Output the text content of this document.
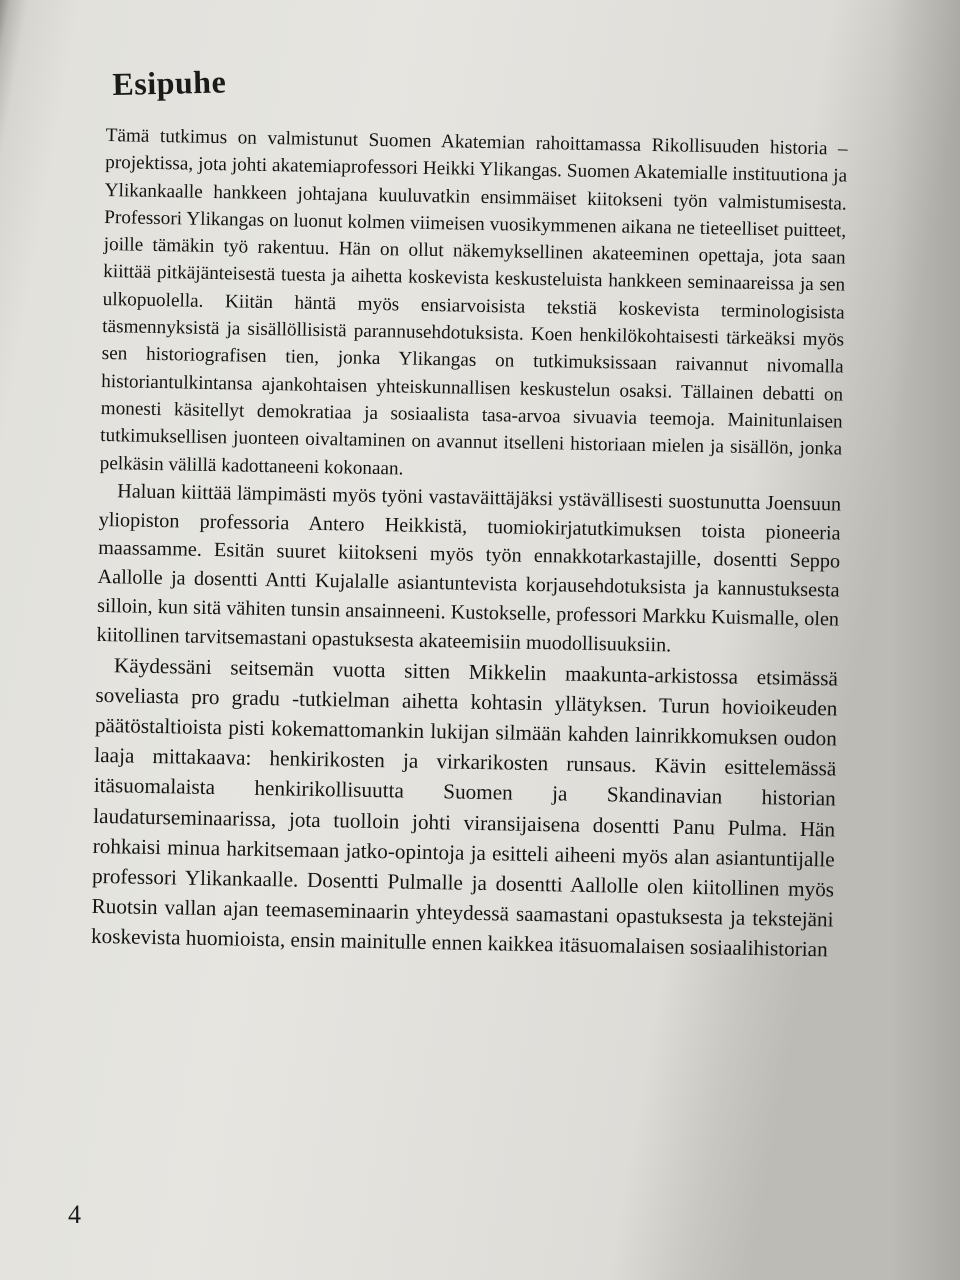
Esipuhe

Tämä tutkimus on valmistunut Suomen Akatemian rahoittamassa Rikollisuuden historia –projektissa, jota johti akatemiaprofessori Heikki Ylikangas. Suomen Akatemialle instituutiona ja Ylikankaalle hankkeen johtajana kuuluvatkin ensimmäiset kiitokseni työn valmistumisesta. Professori Ylikangas on luonut kolmen viimeisen vuosikymmenen aikana ne tieteelliset puitteet, joille tämäkin työ rakentuu. Hän on ollut näkemyksellinen akateeminen opettaja, jota saan kiittää pitkäjänteisestä tuesta ja aihetta koskevista keskusteluista hankkeen seminaareissa ja sen ulkopuolella. Kiitän häntä myös ensiarvoisista tekstiä koskevista terminologisista täsmennyksistä ja sisällöllisistä parannusehdotuksista. Koen henkilökohtaisesti tärkeäksi myös sen historiografisen tien, jonka Ylikangas on tutkimuksissaan raivannut nivomalla historiantulkintansa ajankohtaisen yhteiskunnallisen keskustelun osaksi. Tällainen debatti on monesti käsitellyt demokratiaa ja sosiaalista tasa-arvoa sivuavia teemoja. Mainitunlaisen tutkimuksellisen juonteen oivaltaminen on avannut itselleni historiaan mielen ja sisällön, jonka pelkäsin välillä kadottaneeni kokonaan.

Haluan kiittää lämpimästi myös työni vastaväittäjäksi ystävällisesti suostunutta Joensuun yliopiston professoria Antero Heikkistä, tuomiokirjatutkimuksen toista pioneeria maassamme. Esitän suuret kiitokseni myös työn ennakkotarkastajille, dosentti Seppo Aallolle ja dosentti Antti Kujalalle asiantuntevista korjausehdotuksista ja kannustuksesta silloin, kun sitä vähiten tunsin ansainneeni. Kustokselle, professori Markku Kuismalle, olen kiitollinen tarvitsemastani opastuksesta akateemisiin muodollisuuksiin.

Käydessäni seitsemän vuotta sitten Mikkelin maakunta-arkistossa etsimässä soveliasta pro gradu -tutkielman aihetta kohtasin yllätyksen. Turun hovioikeuden päätöstaltioista pisti kokemattomankin lukijan silmään kahden lainrikkomuksen oudon laaja mittakaava: henkirikosten ja virkarikosten runsaus. Kävin esittelemässä itäsuomalaista henkirikollisuutta Suomen ja Skandinavian historian laudaturseminaarissa, jota tuolloin johti viransijaisena dosentti Panu Pulma. Hän rohkaisi minua harkitsemaan jatko-opintoja ja esitteli aiheeni myös alan asiantuntijalle professori Ylikankaalle. Dosentti Pulmalle ja dosentti Aallolle olen kiitollinen myös Ruotsin vallan ajan teemaseminaarin yhteydessä saamastani opastuksesta ja tekstejäni koskevista huomioista, ensin mainitulle ennen kaikkea itäsuomalaisen sosiaalihistorian

4
